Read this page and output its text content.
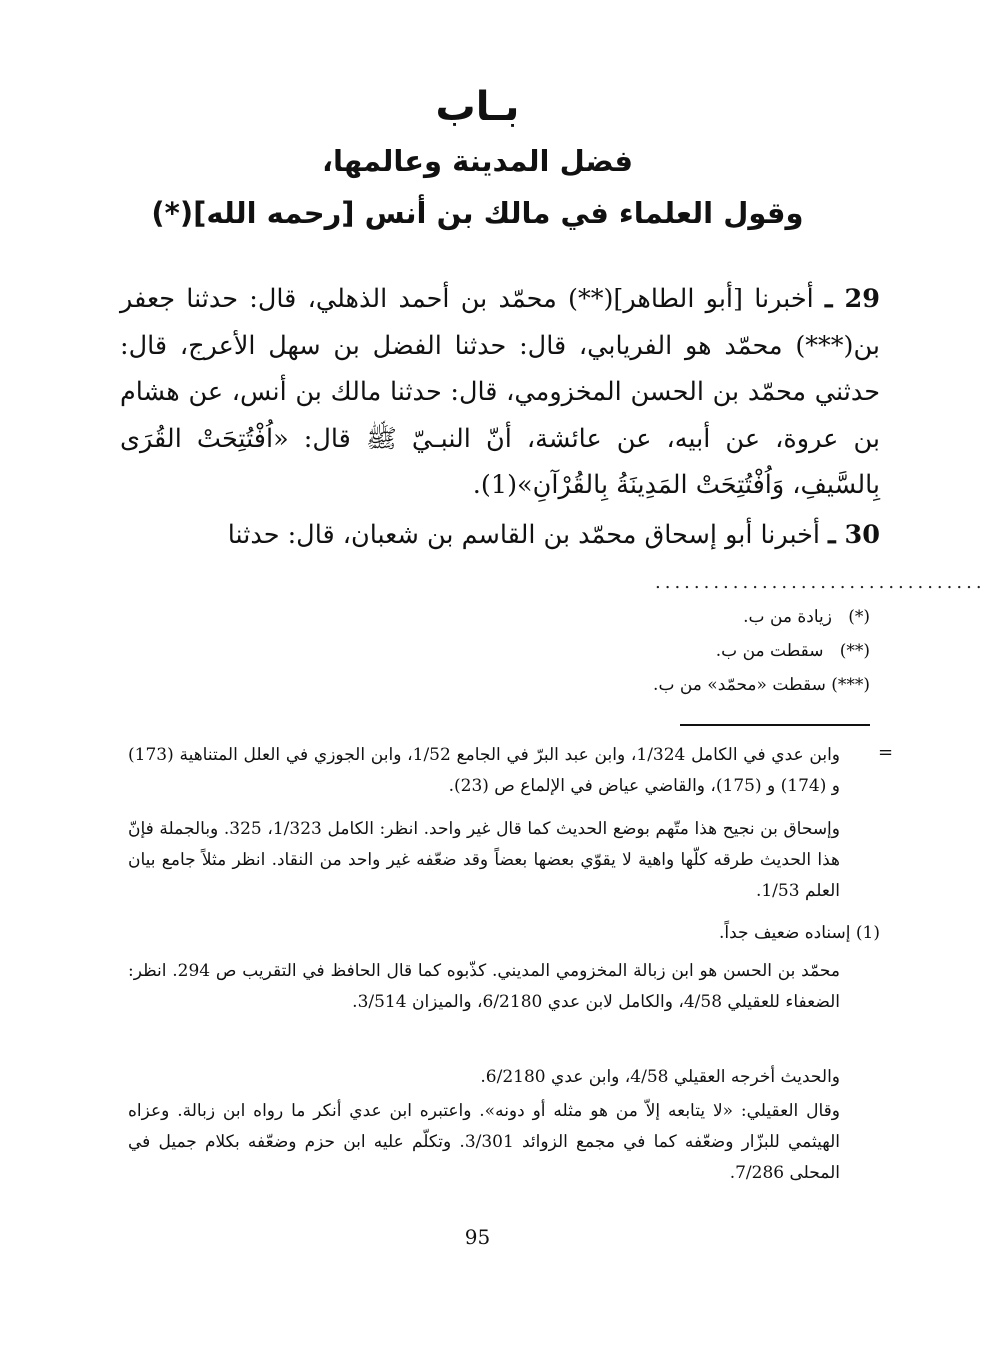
بـاب
فضل المدينة وعالمها،
وقول العلماء في مالك بن أنس [رحمه الله](*)
29 ـ أخبرنا [أبو الطاهر](**) محمّد بن أحمد الذهلي، قال: حدثنا جعفر بن(***) محمّد هو الفريابي، قال: حدثنا الفضل بن سهل الأعرج، قال: حدثني محمّد بن الحسن المخزومي، قال: حدثنا مالك بن أنس، عن هشام بن عروة، عن أبيه، عن عائشة، أنّ النبـيّ ﷺ قال: «اُفْتُتِحَتْ القُرَى بِالسَّيفِ، وَاُفْتُتِحَتْ المَدِينَةُ بِالقُرْآنِ»(1).
30 ـ أخبرنا أبو إسحاق محمّد بن القاسم بن شعبان، قال: حدثنا
..................................
(*)   زيادة من ب.
(**)   سقطت من ب.
(***) سقطت «محمّد» من ب.
=
وابن عدي في الكامل 1/324، وابن عبد البرّ في الجامع 1/52، وابن الجوزي في العلل المتناهية (173) و (174) و (175)، والقاضي عياض في الإلماع ص (23).
وإسحاق بن نجيح هذا متّهم بوضع الحديث كما قال غير واحد. انظر: الكامل 1/323، 325. وبالجملة فإنّ هذا الحديث طرقه كلّها واهية لا يقوّي بعضها بعضاً وقد ضعّفه غير واحد من النقاد. انظر مثلاً جامع بيان العلم 1/53.
(1) إسناده ضعيف جداً.
محمّد بن الحسن هو ابن زبالة المخزومي المديني. كذّبوه كما قال الحافظ في التقريب ص 294. انظر: الضعفاء للعقيلي 4/58، والكامل لابن عدي 6/2180، والميزان 3/514.
والحديث أخرجه العقيلي 4/58، وابن عدي 6/2180.
وقال العقيلي: «لا يتابعه إلاّ من هو مثله أو دونه». واعتبره ابن عدي أنكر ما رواه ابن زبالة. وعزاه الهيثمي للبزّار وضعّفه كما في مجمع الزوائد 3/301. وتكلّم عليه ابن حزم وضعّفه بكلام جميل في المحلى 7/286.
95
